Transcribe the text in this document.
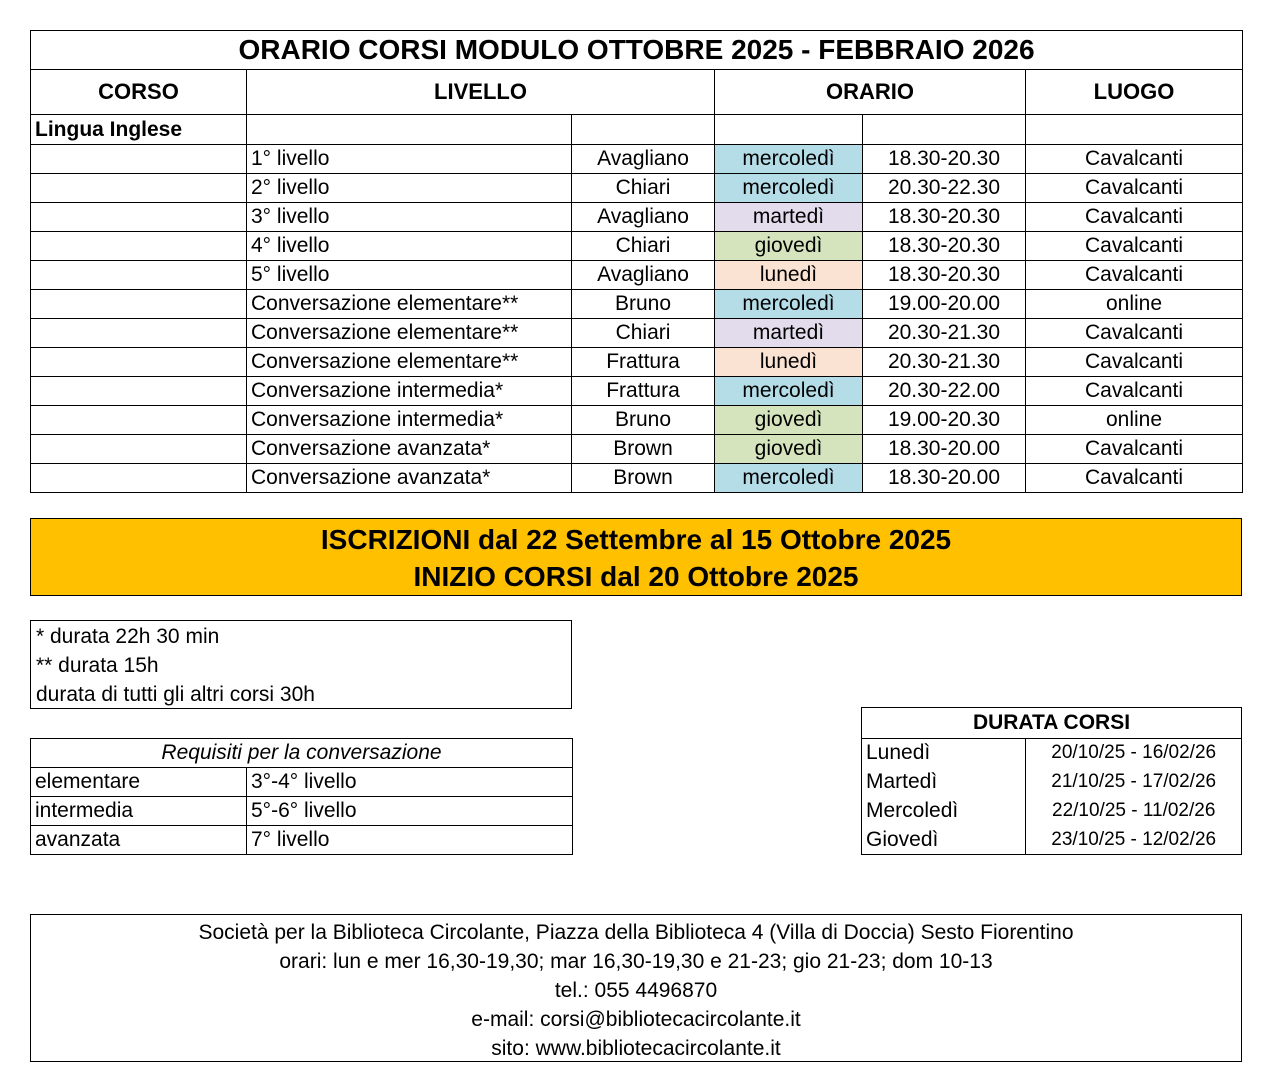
ORARIO CORSI MODULO OTTOBRE 2025 - FEBBRAIO 2026					
CORSO	LIVELLO		ORARIO		LUOGO
Lingua Inglese					
	1° livello	Avagliano	mercoledì	18.30-20.30	Cavalcanti
	2° livello	Chiari	mercoledì	20.30-22.30	Cavalcanti
	3° livello	Avagliano	martedì	18.30-20.30	Cavalcanti
	4° livello	Chiari	giovedì	18.30-20.30	Cavalcanti
	5° livello	Avagliano	lunedì	18.30-20.30	Cavalcanti
	Conversazione elementare**	Bruno	mercoledì	19.00-20.00	online
	Conversazione elementare**	Chiari	martedì	20.30-21.30	Cavalcanti
	Conversazione elementare**	Frattura	lunedì	20.30-21.30	Cavalcanti
	Conversazione intermedia*	Frattura	mercoledì	20.30-22.00	Cavalcanti
	Conversazione intermedia*	Bruno	giovedì	19.00-20.30	online
	Conversazione avanzata*	Brown	giovedì	18.30-20.00	Cavalcanti
	Conversazione avanzata*	Brown	mercoledì	18.30-20.00	Cavalcanti
ISCRIZIONI dal 22 Settembre al 15 Ottobre 2025
INIZIO CORSI dal 20 Ottobre 2025
* durata 22h 30 min
** durata 15h
durata di tutti gli altri corsi 30h
Requisiti per la conversazione	
elementare	3°-4° livello
intermedia	5°-6° livello
avanzata	7° livello
DURATA CORSI	
Lunedì	20/10/25 - 16/02/26
Martedì	21/10/25 - 17/02/26
Mercoledì	22/10/25 - 11/02/26
Giovedì	23/10/25 - 12/02/26
Società per la Biblioteca Circolante, Piazza della Biblioteca 4 (Villa di Doccia) Sesto Fiorentino
orari: lun e mer 16,30-19,30; mar 16,30-19,30 e 21-23; gio 21-23; dom 10-13
tel.: 055 4496870
e-mail: corsi@bibliotecacircolante.it
sito: www.bibliotecacircolante.it
